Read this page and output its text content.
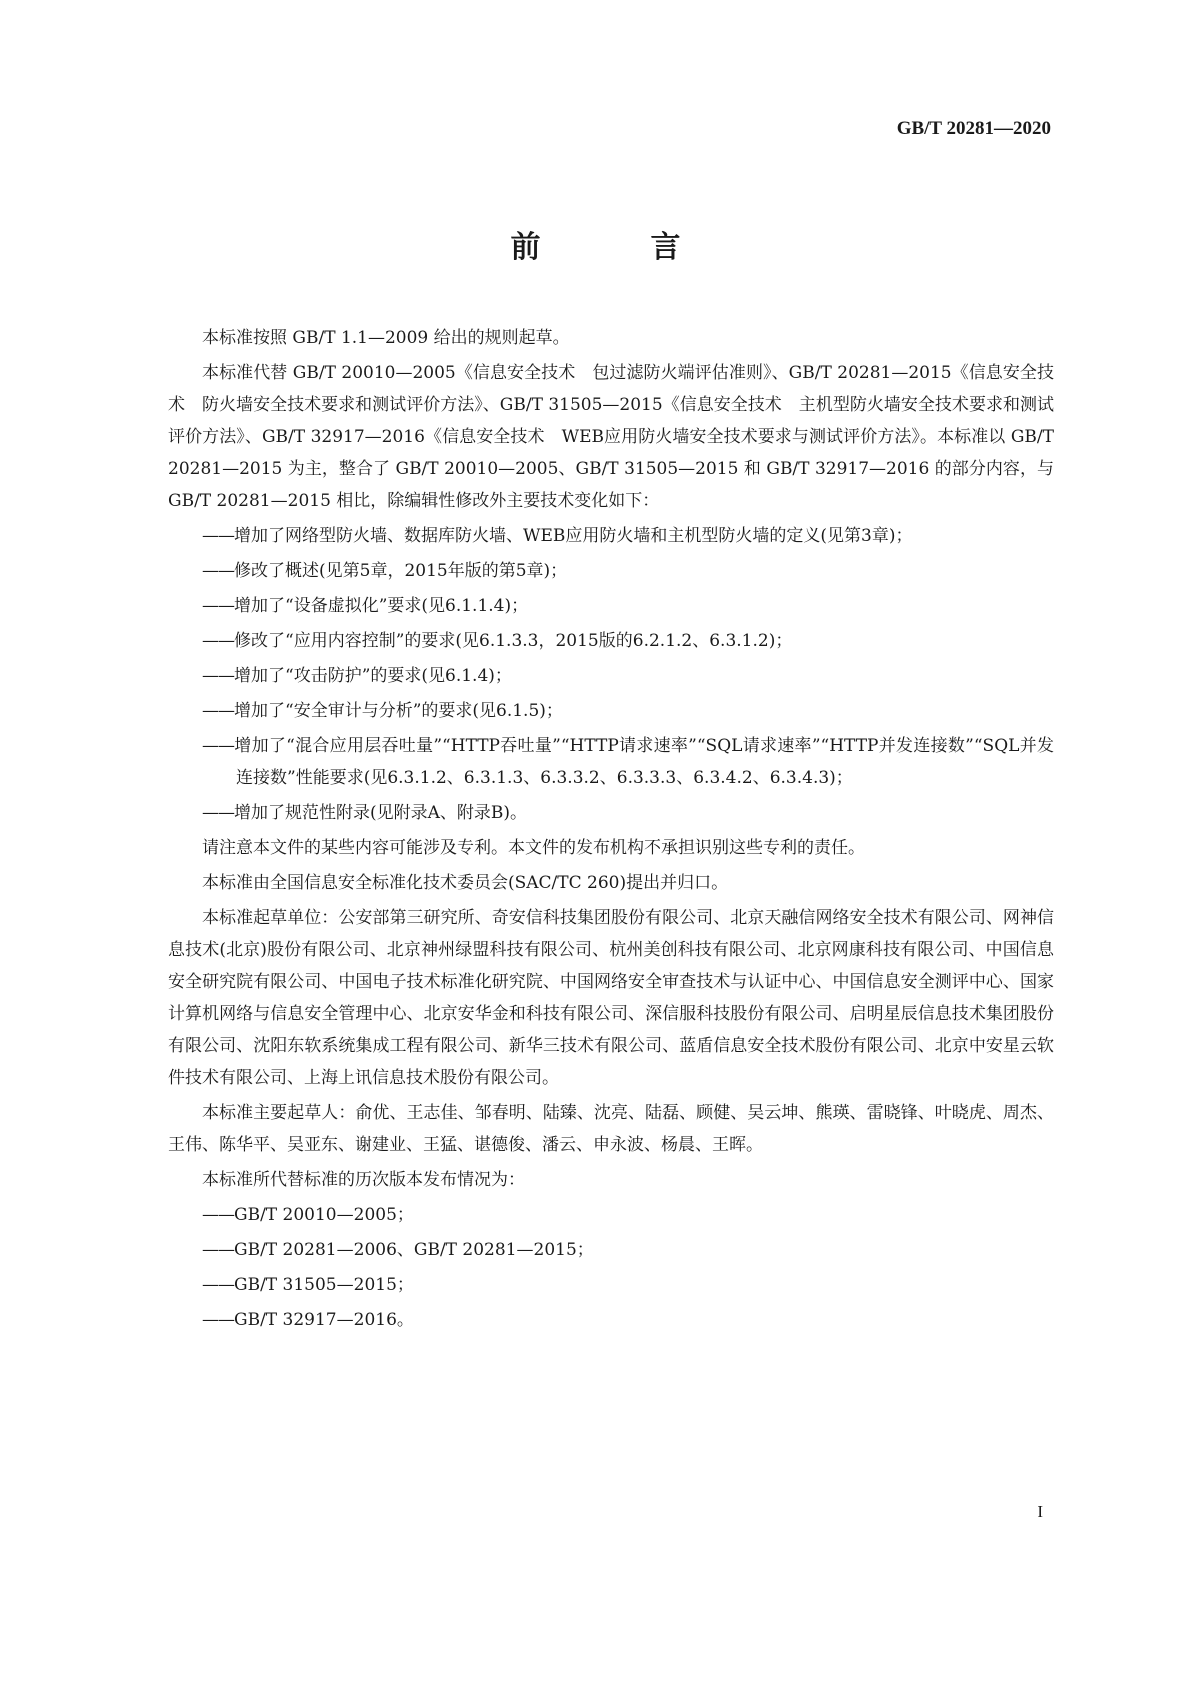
GB/T 20281—2020
前　言

本标准按照 GB/T 1.1—2009 给出的规则起草。

本标准代替 GB/T 20010—2005《信息安全技术　包过滤防火端评估准则》、GB/T 20281—2015《信息安全技术　防火墙安全技术要求和测试评价方法》、GB/T 31505—2015《信息安全技术　主机型防火墙安全技术要求和测试评价方法》、GB/T 32917—2016《信息安全技术　WEB应用防火墙安全技术要求与测试评价方法》。本标准以 GB/T 20281—2015 为主，整合了 GB/T 20010—2005、GB/T 31505—2015 和 GB/T 32917—2016 的部分内容，与 GB/T 20281—2015 相比，除编辑性修改外主要技术变化如下：

——增加了网络型防火墙、数据库防火墙、WEB应用防火墙和主机型防火墙的定义(见第3章)；

——修改了概述(见第5章，2015年版的第5章)；

——增加了“设备虚拟化”要求(见6.1.1.4)；

——修改了“应用内容控制”的要求(见6.1.3.3，2015版的6.2.1.2、6.3.1.2)；

——增加了“攻击防护”的要求(见6.1.4)；

——增加了“安全审计与分析”的要求(见6.1.5)；

——增加了“混合应用层吞吐量”“HTTP吞吐量”“HTTP请求速率”“SQL请求速率”“HTTP并发连接数”“SQL并发连接数”性能要求(见6.3.1.2、6.3.1.3、6.3.3.2、6.3.3.3、6.3.4.2、6.3.4.3)；

——增加了规范性附录(见附录A、附录B)。

请注意本文件的某些内容可能涉及专利。本文件的发布机构不承担识别这些专利的责任。

本标准由全国信息安全标准化技术委员会(SAC/TC 260)提出并归口。

本标准起草单位：公安部第三研究所、奇安信科技集团股份有限公司、北京天融信网络安全技术有限公司、网神信息技术(北京)股份有限公司、北京神州绿盟科技有限公司、杭州美创科技有限公司、北京网康科技有限公司、中国信息安全研究院有限公司、中国电子技术标准化研究院、中国网络安全审查技术与认证中心、中国信息安全测评中心、国家计算机网络与信息安全管理中心、北京安华金和科技有限公司、深信服科技股份有限公司、启明星辰信息技术集团股份有限公司、沈阳东软系统集成工程有限公司、新华三技术有限公司、蓝盾信息安全技术股份有限公司、北京中安星云软件技术有限公司、上海上讯信息技术股份有限公司。

本标准主要起草人：俞优、王志佳、邹春明、陆臻、沈亮、陆磊、顾健、吴云坤、熊瑛、雷晓锋、叶晓虎、周杰、王伟、陈华平、吴亚东、谢建业、王猛、谌德俊、潘云、申永波、杨晨、王晖。

本标准所代替标准的历次版本发布情况为：

——GB/T 20010—2005；

——GB/T 20281—2006、GB/T 20281—2015；

——GB/T 31505—2015；

——GB/T 32917—2016。

I
